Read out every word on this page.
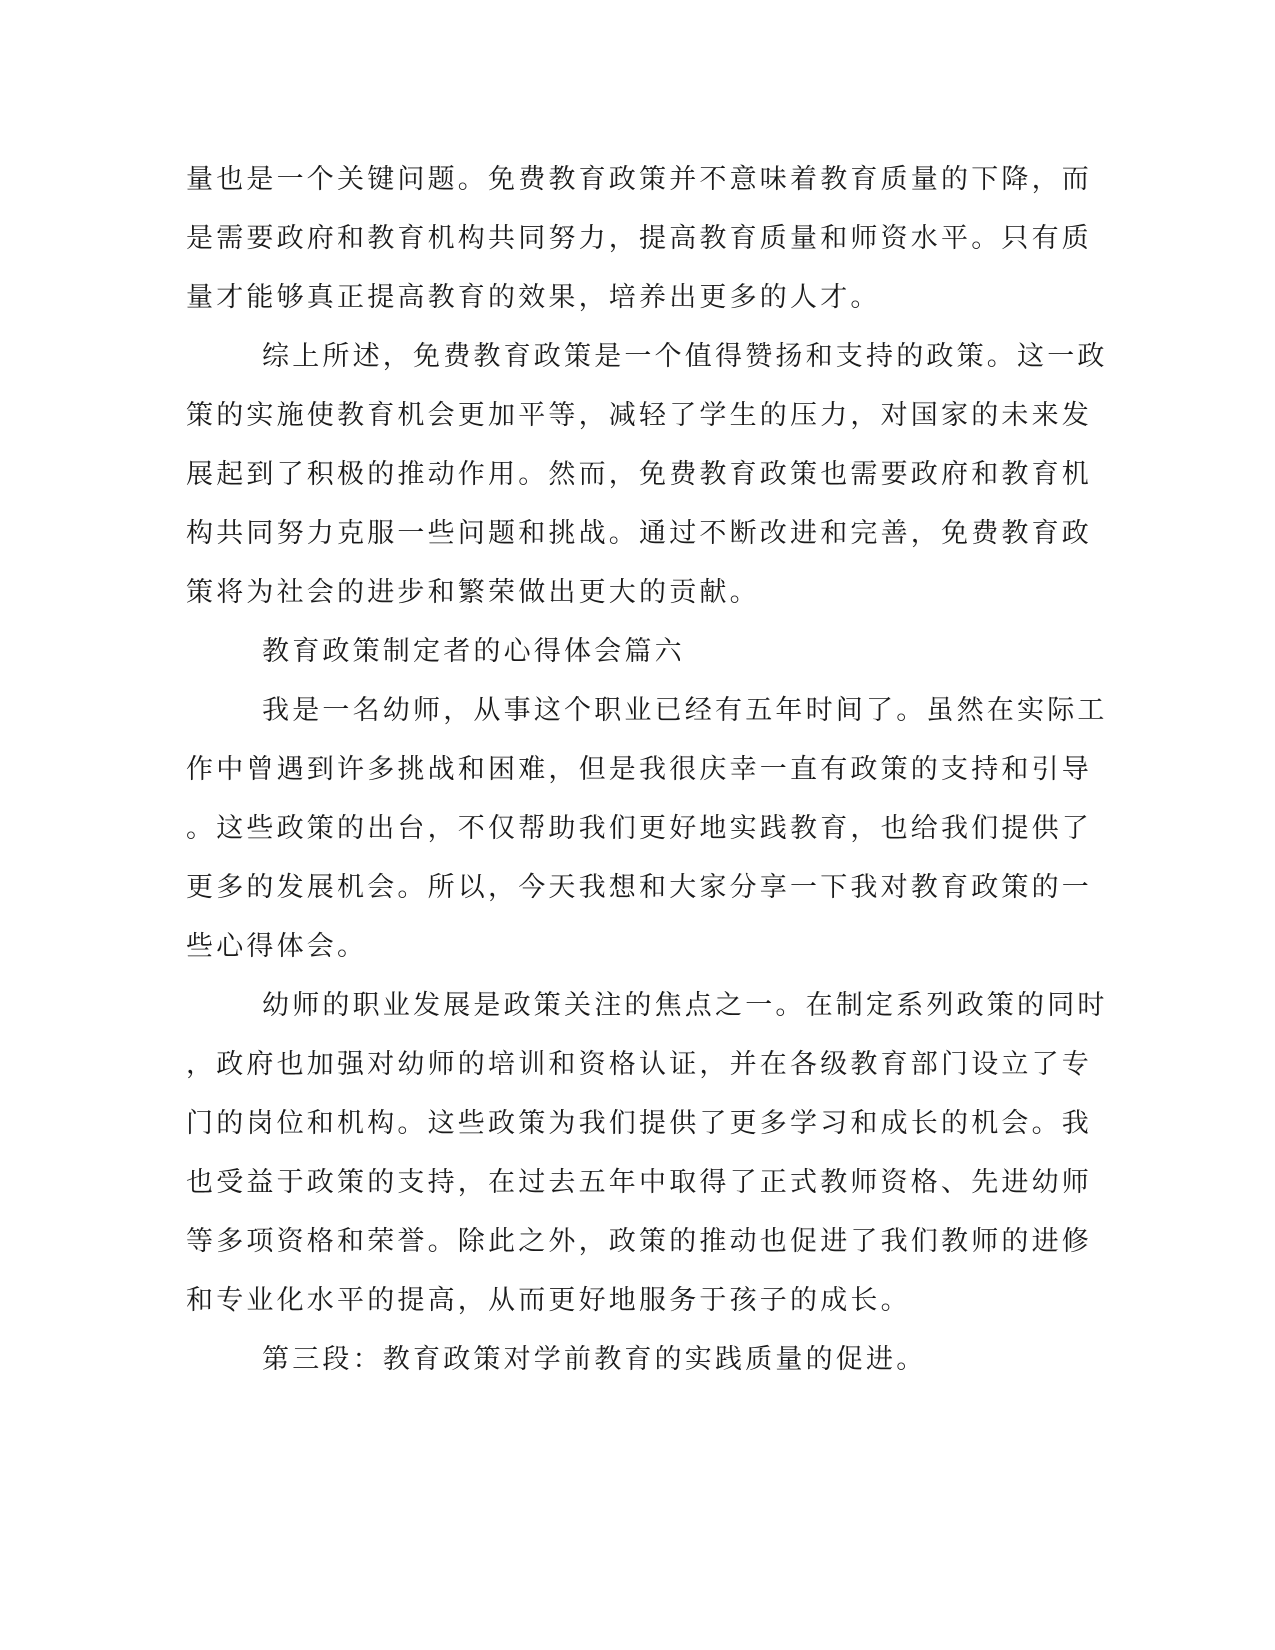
量也是一个关键问题。免费教育政策并不意味着教育质量的下降，而
是需要政府和教育机构共同努力，提高教育质量和师资水平。只有质
量才能够真正提高教育的效果，培养出更多的人才。
综上所述，免费教育政策是一个值得赞扬和支持的政策。这一政
策的实施使教育机会更加平等，减轻了学生的压力，对国家的未来发
展起到了积极的推动作用。然而，免费教育政策也需要政府和教育机
构共同努力克服一些问题和挑战。通过不断改进和完善，免费教育政
策将为社会的进步和繁荣做出更大的贡献。
教育政策制定者的心得体会篇六
我是一名幼师，从事这个职业已经有五年时间了。虽然在实际工
作中曾遇到许多挑战和困难，但是我很庆幸一直有政策的支持和引导
。这些政策的出台，不仅帮助我们更好地实践教育，也给我们提供了
更多的发展机会。所以，今天我想和大家分享一下我对教育政策的一
些心得体会。
幼师的职业发展是政策关注的焦点之一。在制定系列政策的同时
，政府也加强对幼师的培训和资格认证，并在各级教育部门设立了专
门的岗位和机构。这些政策为我们提供了更多学习和成长的机会。我
也受益于政策的支持，在过去五年中取得了正式教师资格、先进幼师
等多项资格和荣誉。除此之外，政策的推动也促进了我们教师的进修
和专业化水平的提高，从而更好地服务于孩子的成长。
第三段：教育政策对学前教育的实践质量的促进。
